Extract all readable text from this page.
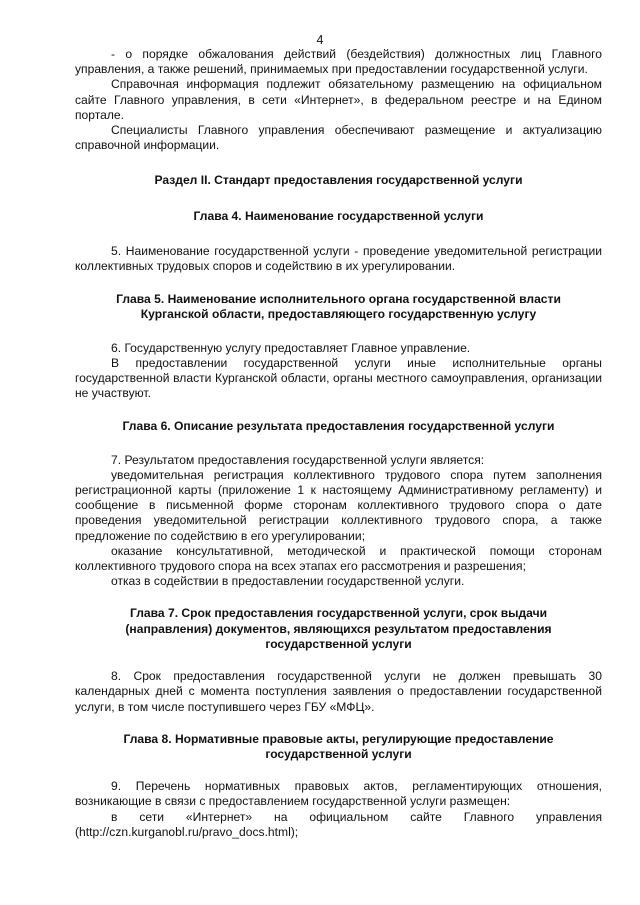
4

- о порядке обжалования действий (бездействия) должностных лиц Главного управления, а также решений, принимаемых при предоставлении государственной услуги.

Справочная информация подлежит обязательному размещению на официальном сайте Главного управления, в сети «Интернет», в федеральном реестре и на Едином портале.

Специалисты Главного управления обеспечивают размещение и актуализацию справочной информации.

Раздел II. Стандарт предоставления государственной услуги

Глава 4. Наименование государственной услуги

5. Наименование государственной услуги - проведение уведомительной регистрации коллективных трудовых споров и содействию в их урегулировании.

Глава 5. Наименование исполнительного органа государственной власти

Курганской области, предоставляющего государственную услугу

6. Государственную услугу предоставляет Главное управление.

В предоставлении государственной услуги иные исполнительные органы государственной власти Курганской области, органы местного самоуправления, организации не участвуют.

Глава 6. Описание результата предоставления государственной услуги

7. Результатом предоставления государственной услуги является:

уведомительная регистрация коллективного трудового спора путем заполнения регистрационной карты (приложение 1 к настоящему Административному регламенту) и сообщение в письменной форме сторонам коллективного трудового спора о дате проведения уведомительной регистрации коллективного трудового спора, а также предложение по содействию в его урегулировании;

оказание консультативной, методической и практической помощи сторонам коллективного трудового спора на всех этапах его рассмотрения и разрешения;

отказ в содействии в предоставлении государственной услуги.

Глава 7. Срок предоставления государственной услуги, срок выдачи

(направления) документов, являющихся результатом предоставления

государственной услуги

8. Срок предоставления государственной услуги не должен превышать 30 календарных дней с момента поступления заявления о предоставлении государственной услуги, в том числе поступившего через ГБУ «МФЦ».

Глава 8. Нормативные правовые акты, регулирующие предоставление

государственной услуги

9. Перечень нормативных правовых актов, регламентирующих отношения, возникающие в связи с предоставлением государственной услуги размещен:

в сети «Интернет» на официальном сайте Главного управления

(http://czn.kurganobl.ru/pravo_docs.html);
